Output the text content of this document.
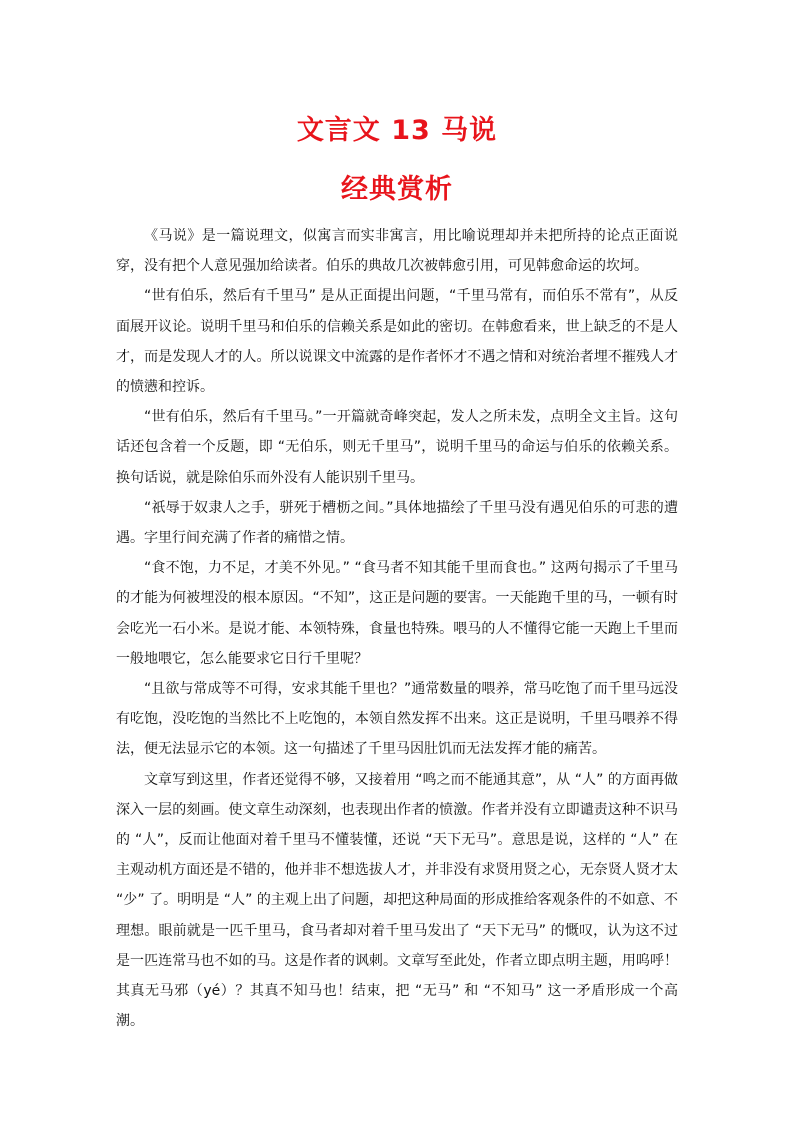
文言文 13 马说
经典赏析

《马说》是一篇说理文，似寓言而实非寓言，用比喻说理却并未把所持的论点正面说穿，没有把个人意见强加给读者。伯乐的典故几次被韩愈引用，可见韩愈命运的坎坷。

“世有伯乐，然后有千里马” 是从正面提出问题，“千里马常有，而伯乐不常有”，从反面展开议论。说明千里马和伯乐的信赖关系是如此的密切。在韩愈看来，世上缺乏的不是人才，而是发现人才的人。所以说课文中流露的是作者怀才不遇之情和对统治者埋不摧残人才的愤懑和控诉。

“世有伯乐，然后有千里马。”一开篇就奇峰突起，发人之所未发，点明全文主旨。这句话还包含着一个反题，即 “无伯乐，则无千里马”，说明千里马的命运与伯乐的依赖关系。换句话说，就是除伯乐而外没有人能识别千里马。

“祇辱于奴隶人之手，骈死于槽枥之间。”具体地描绘了千里马没有遇见伯乐的可悲的遭遇。字里行间充满了作者的痛惜之情。

“食不饱，力不足，才美不外见。” “食马者不知其能千里而食也。” 这两句揭示了千里马的才能为何被埋没的根本原因。“不知”，这正是问题的要害。一天能跑千里的马，一顿有时会吃光一石小米。是说才能、本领特殊，食量也特殊。喂马的人不懂得它能一天跑上千里而一般地喂它，怎么能要求它日行千里呢？

“且欲与常成等不可得，安求其能千里也？”通常数量的喂养，常马吃饱了而千里马远没有吃饱，没吃饱的当然比不上吃饱的，本领自然发挥不出来。这正是说明，千里马喂养不得法，便无法显示它的本领。这一句描述了千里马因肚饥而无法发挥才能的痛苦。

文章写到这里，作者还觉得不够，又接着用 “鸣之而不能通其意”，从 “人” 的方面再做深入一层的刻画。使文章生动深刻，也表现出作者的愤激。作者并没有立即谴责这种不识马的 “人”，反而让他面对着千里马不懂装懂，还说 “天下无马”。意思是说，这样的 “人” 在主观动机方面还是不错的，他并非不想选拔人才，并非没有求贤用贤之心，无奈贤人贤才太 “少” 了。明明是 “人” 的主观上出了问题，却把这种局面的形成推给客观条件的不如意、不理想。眼前就是一匹千里马，食马者却对着千里马发出了 “天下无马” 的慨叹，认为这不过是一匹连常马也不如的马。这是作者的讽刺。文章写至此处，作者立即点明主题，用呜呼！其真无马邪（yé）？其真不知马也！结束，把 “无马” 和 “不知马” 这一矛盾形成一个高潮。
